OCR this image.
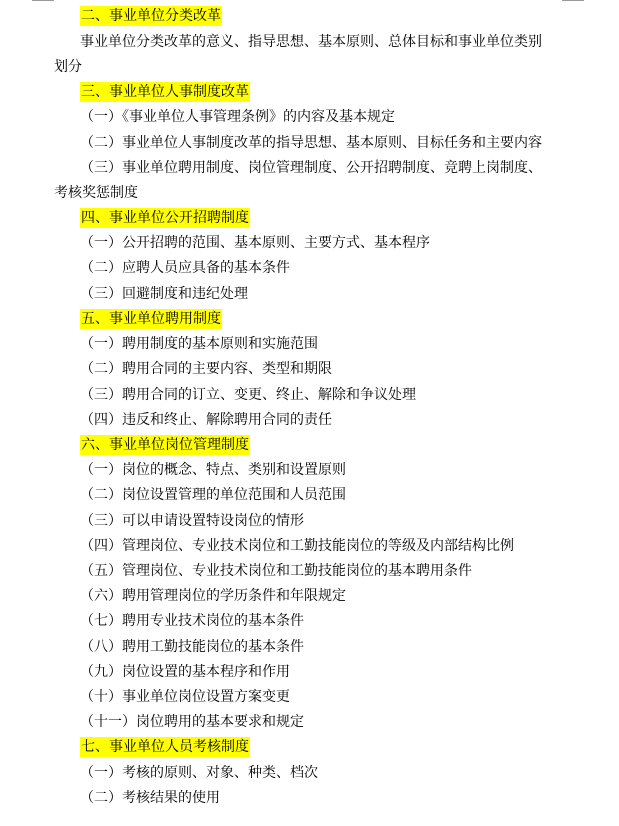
二、事业单位分类改革
事业单位分类改革的意义、指导思想、基本原则、总体目标和事业单位类别
划分
三、事业单位人事制度改革
（一）《事业单位人事管理条例》的内容及基本规定
（二）事业单位人事制度改革的指导思想、基本原则、目标任务和主要内容
（三）事业单位聘用制度、岗位管理制度、公开招聘制度、竞聘上岗制度、
考核奖惩制度
四、事业单位公开招聘制度
（一）公开招聘的范围、基本原则、主要方式、基本程序
（二）应聘人员应具备的基本条件
（三）回避制度和违纪处理
五、事业单位聘用制度
（一）聘用制度的基本原则和实施范围
（二）聘用合同的主要内容、类型和期限
（三）聘用合同的订立、变更、终止、解除和争议处理
（四）违反和终止、解除聘用合同的责任
六、事业单位岗位管理制度
（一）岗位的概念、特点、类别和设置原则
（二）岗位设置管理的单位范围和人员范围
（三）可以申请设置特设岗位的情形
（四）管理岗位、专业技术岗位和工勤技能岗位的等级及内部结构比例
（五）管理岗位、专业技术岗位和工勤技能岗位的基本聘用条件
（六）聘用管理岗位的学历条件和年限规定
（七）聘用专业技术岗位的基本条件
（八）聘用工勤技能岗位的基本条件
（九）岗位设置的基本程序和作用
（十）事业单位岗位设置方案变更
（十一）岗位聘用的基本要求和规定
七、事业单位人员考核制度
（一）考核的原则、对象、种类、档次
（二）考核结果的使用
